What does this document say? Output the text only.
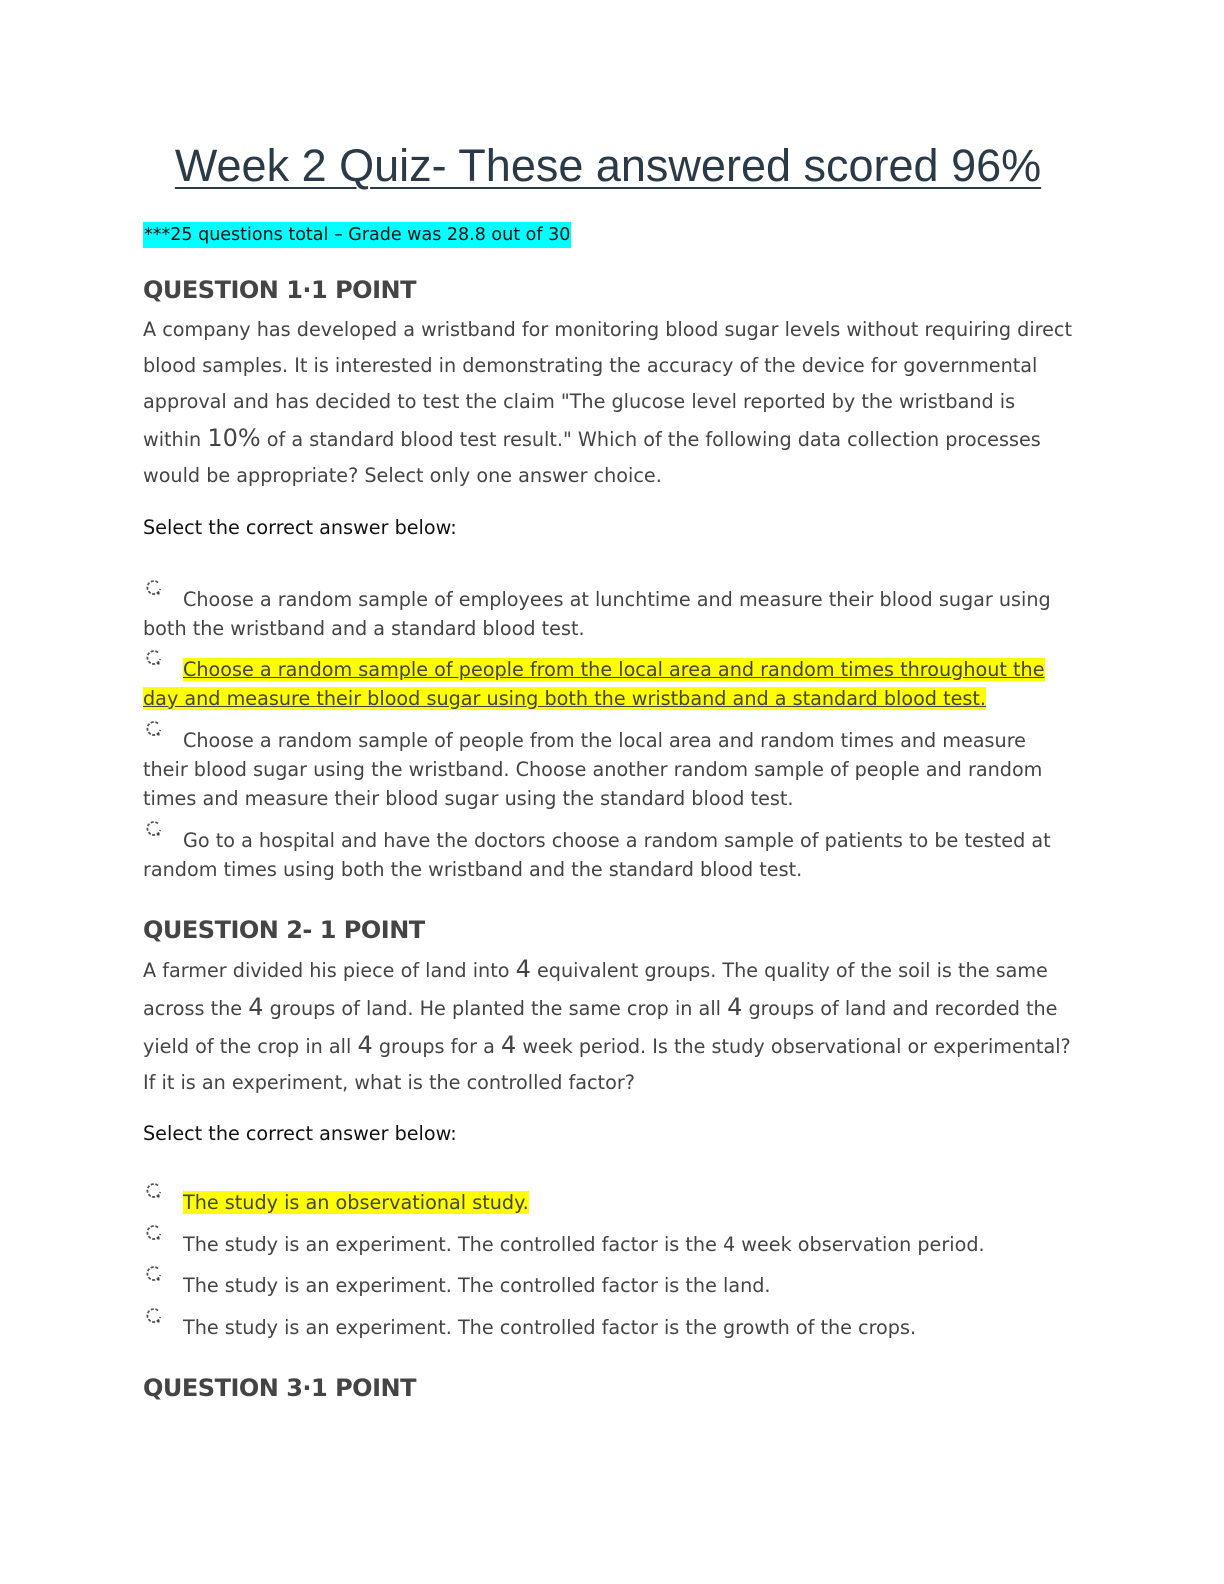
Week 2 Quiz- These answered scored 96%
***25 questions total – Grade was 28.8 out of 30
QUESTION 1·1 POINT
A company has developed a wristband for monitoring blood sugar levels without requiring direct blood samples. It is interested in demonstrating the accuracy of the device for governmental approval and has decided to test the claim "The glucose level reported by the wristband is within 10% of a standard blood test result." Which of the following data collection processes would be appropriate? Select only one answer choice.
Select the correct answer below:
Choose a random sample of employees at lunchtime and measure their blood sugar using both the wristband and a standard blood test.
Choose a random sample of people from the local area and random times throughout the day and measure their blood sugar using both the wristband and a standard blood test.
Choose a random sample of people from the local area and random times and measure their blood sugar using the wristband. Choose another random sample of people and random times and measure their blood sugar using the standard blood test.
Go to a hospital and have the doctors choose a random sample of patients to be tested at random times using both the wristband and the standard blood test.
QUESTION 2- 1 POINT
A farmer divided his piece of land into 4 equivalent groups. The quality of the soil is the same across the 4 groups of land. He planted the same crop in all 4 groups of land and recorded the yield of the crop in all 4 groups for a 4 week period. Is the study observational or experimental? If it is an experiment, what is the controlled factor?
Select the correct answer below:
The study is an observational study.
The study is an experiment. The controlled factor is the 4 week observation period.
The study is an experiment. The controlled factor is the land.
The study is an experiment. The controlled factor is the growth of the crops.
QUESTION 3·1 POINT
